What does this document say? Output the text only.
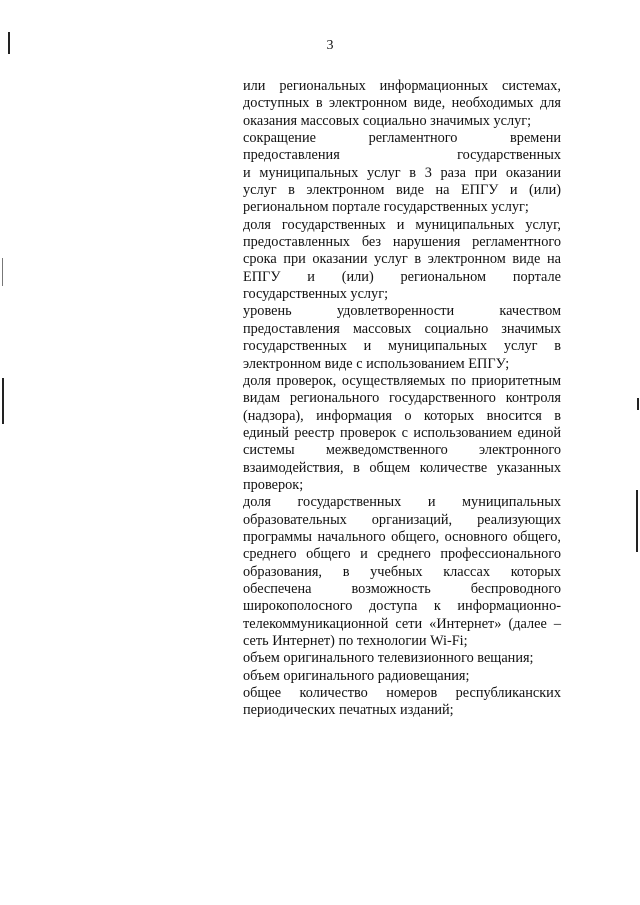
3

или региональных информационных системах, доступных в электронном виде, необходимых для оказания массовых социально значимых услуг;

сокращение регламентного времени предоставления государственных

и муниципальных услуг в 3 раза при оказании услуг в электронном виде на ЕПГУ и (или) региональном портале государственных услуг;

доля государственных и муниципальных услуг, предоставленных без нарушения регламентного срока при оказании услуг в электронном виде на ЕПГУ и (или) региональном портале государственных услуг;

уровень удовлетворенности качеством предоставления массовых социально значимых государственных и муниципальных услуг в электронном виде с использованием ЕПГУ;

доля проверок, осуществляемых по приоритетным видам регионального государственного контроля (надзора), информация о которых вносится в единый реестр проверок с использованием единой системы межведомственного электронного взаимодействия, в общем количестве указанных проверок;

доля государственных и муниципальных образовательных организаций, реализующих программы начального общего, основного общего, среднего общего и среднего профессионального образования, в учебных классах которых обеспечена возможность беспроводного широкополосного доступа к информационно-телекоммуникационной сети «Интернет» (далее – сеть Интернет) по технологии Wi-Fi;

объем оригинального телевизионного вещания;

объем оригинального радиовещания;

общее количество номеров республиканских периодических печатных изданий;
